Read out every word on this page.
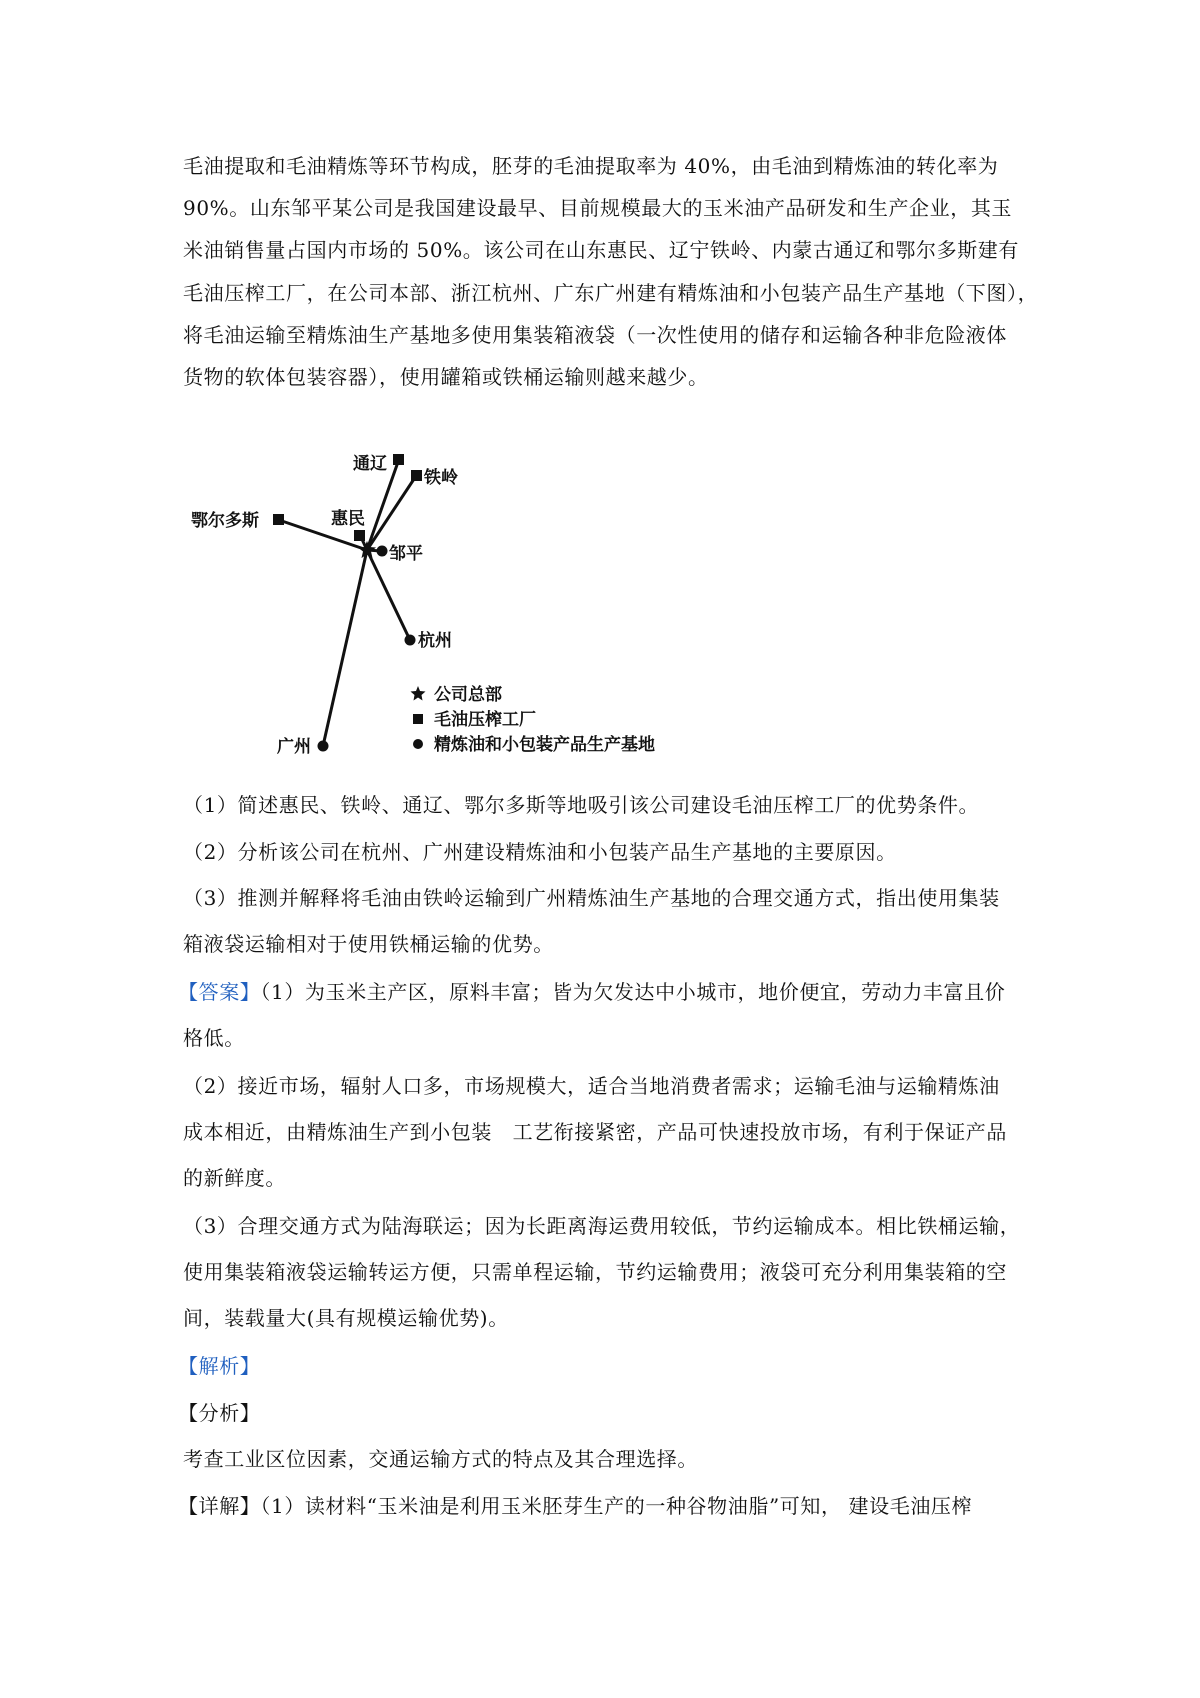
毛油提取和毛油精炼等环节构成，胚芽的毛油提取率为 40%，由毛油到精炼油的转化率为
90%。山东邹平某公司是我国建设最早、目前规模最大的玉米油产品研发和生产企业，其玉
米油销售量占国内市场的 50%。该公司在山东惠民、辽宁铁岭、内蒙古通辽和鄂尔多斯建有
毛油压榨工厂，在公司本部、浙江杭州、广东广州建有精炼油和小包装产品生产基地（下图），
将毛油运输至精炼油生产基地多使用集装箱液袋（一次性使用的储存和运输各种非危险液体
货物的软体包装容器），使用罐箱或铁桶运输则越来越少。
通辽
铁岭
鄂尔多斯	惠民
邹平
杭州
广州
公司总部
毛油压榨工厂
精炼油和小包装产品生产基地
（1）简述惠民、铁岭、通辽、鄂尔多斯等地吸引该公司建设毛油压榨工厂的优势条件。
（2）分析该公司在杭州、广州建设精炼油和小包装产品生产基地的主要原因。
（3）推测并解释将毛油由铁岭运输到广州精炼油生产基地的合理交通方式，指出使用集装
箱液袋运输相对于使用铁桶运输的优势。
【答案】（1）为玉米主产区，原料丰富；皆为欠发达中小城市，地价便宜，劳动力丰富且价
格低。
（2）接近市场，辐射人口多，市场规模大，适合当地消费者需求；运输毛油与运输精炼油
成本相近，由精炼油生产到小包装　工艺衔接紧密，产品可快速投放市场，有利于保证产品
的新鲜度。
（3）合理交通方式为陆海联运；因为长距离海运费用较低，节约运输成本。相比铁桶运输，
使用集装箱液袋运输转运方便，只需单程运输，节约运输费用；液袋可充分利用集装箱的空
间，装载量大(具有规模运输优势)。
【解析】
【分析】
考查工业区位因素，交通运输方式的特点及其合理选择。
【详解】（1）读材料“玉米油是利用玉米胚芽生产的一种谷物油脂”可知， 建设毛油压榨
